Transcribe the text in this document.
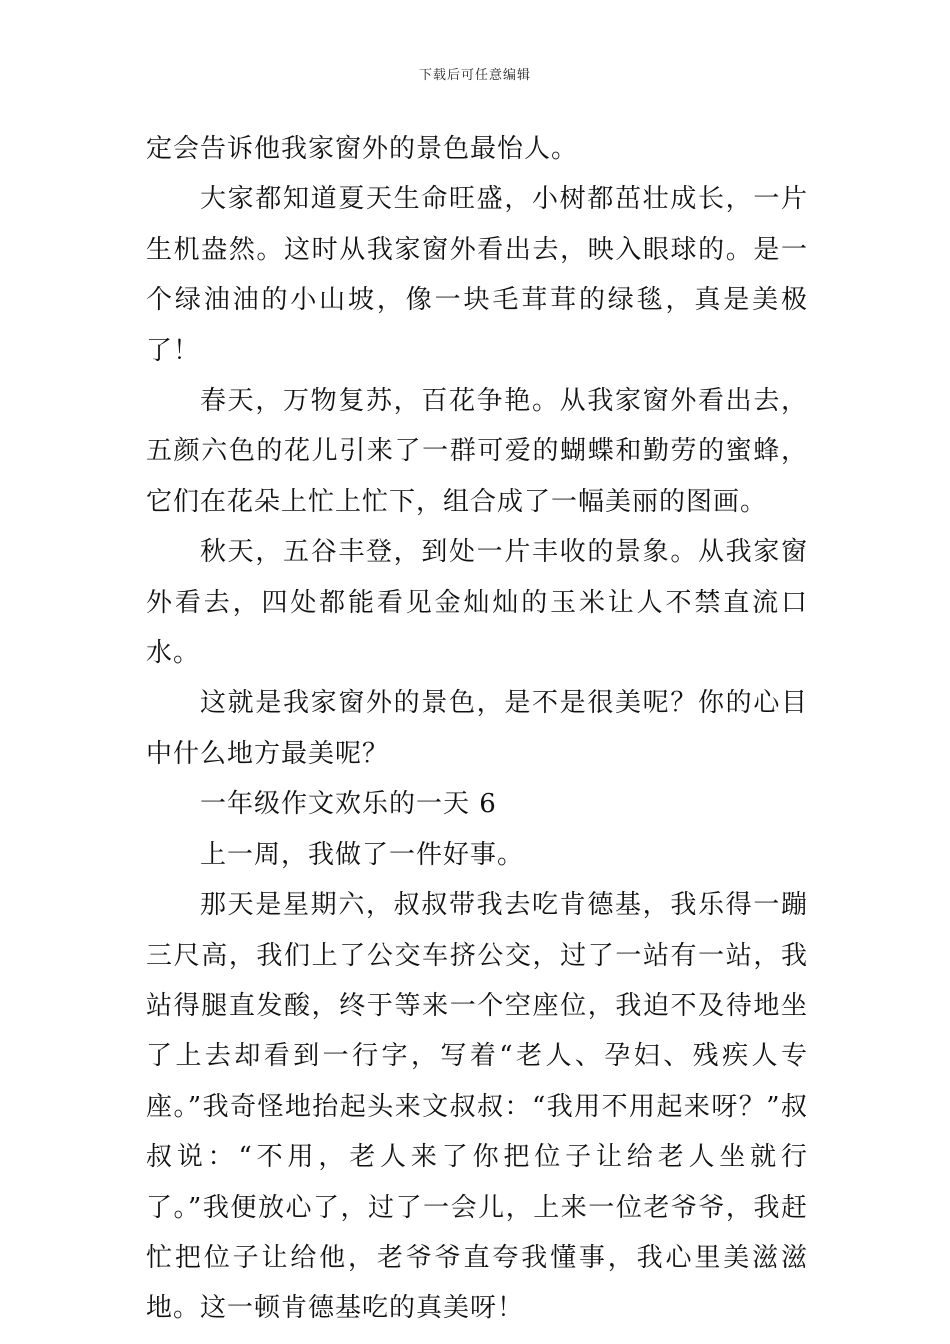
下载后可任意编辑

定会告诉他我家窗外的景色最怡人。

大家都知道夏天生命旺盛，小树都茁壮成长，一片生机盎然。这时从我家窗外看出去，映入眼球的。是一个绿油油的小山坡，像一块毛茸茸的绿毯，真是美极了！

春天，万物复苏，百花争艳。从我家窗外看出去，五颜六色的花儿引来了一群可爱的蝴蝶和勤劳的蜜蜂，它们在花朵上忙上忙下，组合成了一幅美丽的图画。

秋天，五谷丰登，到处一片丰收的景象。从我家窗外看去，四处都能看见金灿灿的玉米让人不禁直流口水。

这就是我家窗外的景色，是不是很美呢？你的心目中什么地方最美呢？

一年级作文欢乐的一天 6

上一周，我做了一件好事。

那天是星期六，叔叔带我去吃肯德基，我乐得一蹦三尺高，我们上了公交车挤公交，过了一站有一站，我站得腿直发酸，终于等来一个空座位，我迫不及待地坐了上去却看到一行字，写着“老人、孕妇、残疾人专座。”我奇怪地抬起头来文叔叔：“我用不用起来呀？”叔叔说：“不用，老人来了你把位子让给老人坐就行了。”我便放心了，过了一会儿，上来一位老爷爷，我赶忙把位子让给他，老爷爷直夸我懂事，我心里美滋滋地。这一顿肯德基吃的真美呀！
